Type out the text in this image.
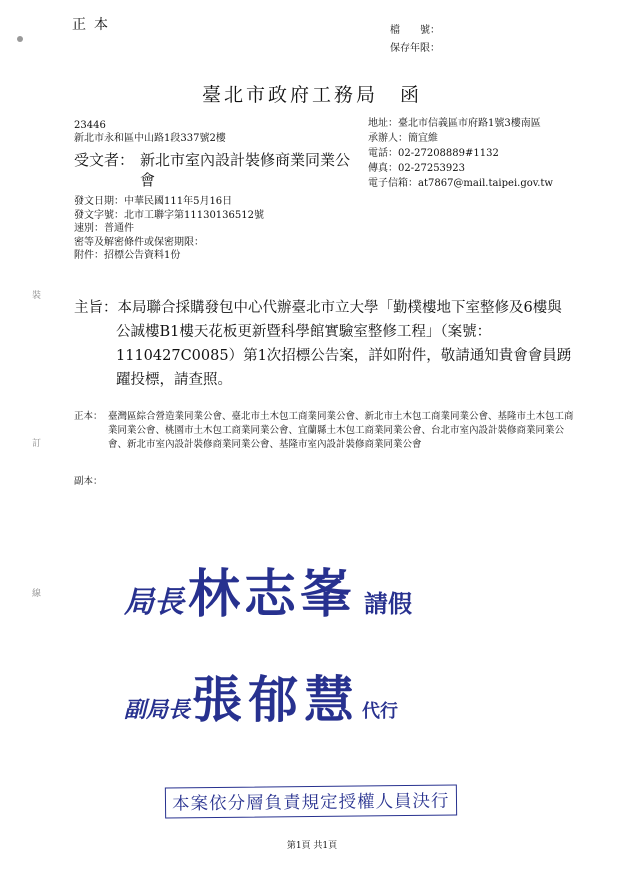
正本	檔　　號：
保存年限：
臺北市政府工務局　函
23446
新北市永和區中山路1段337號2樓
受文者： 新北市室內設計裝修商業同業公會
地址： 臺北市信義區市府路1號3樓南區
承辦人： 簡宜維
電話： 02-27208889#1132
傳真： 02-27253923
電子信箱： at7867@mail.taipei.gov.tw
發文日期：中華民國111年5月16日
發文字號：北市工聯字第11130136512號
速別：普通件
密等及解密條件或保密期限：
附件：招標公告資料1份
主旨： 本局聯合採購發包中心代辦臺北市立大學「勤樸樓地下室整修及6樓與公誠樓B1樓天花板更新暨科學館實驗室整修工程」（案號：1110427C0085）第1次招標公告案，詳如附件，敬請通知貴會會員踴躍投標，請查照。
正本： 臺灣區綜合營造業同業公會、臺北市土木包工商業同業公會、新北市土木包工商業同業公會、基隆市土木包工商業同業公會、桃園市土木包工商業同業公會、宜蘭縣土木包工商業同業公會、台北市室內設計裝修商業同業公會、新北市室內設計裝修商業同業公會、基隆市室內設計裝修商業同業公會
副本：
局長林志峯 請假
副局長張郁慧 代行
本案依分層負責規定授權人員決行
第1頁 共1頁
裝
訂
線
